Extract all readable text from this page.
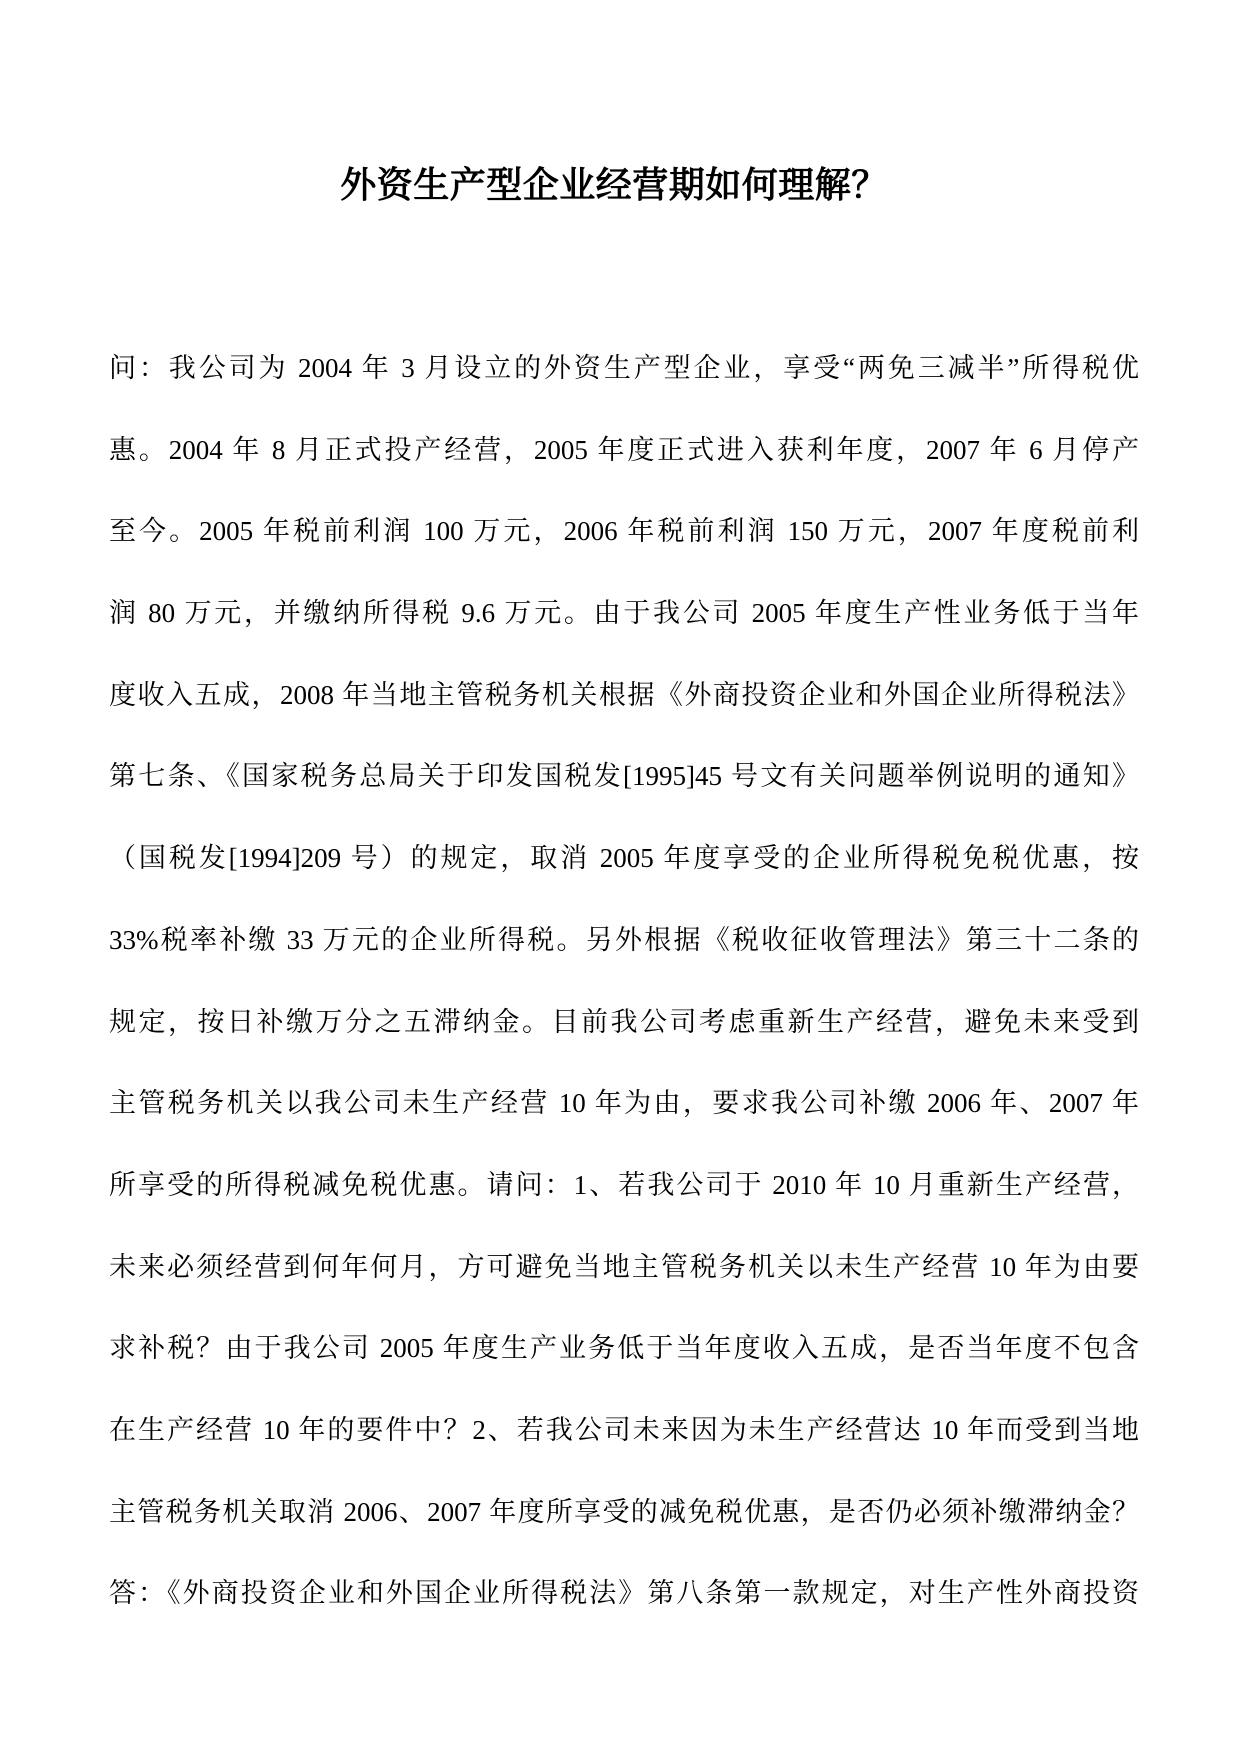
外资生产型企业经营期如何理解？
问：我公司为 2004 年 3 月设立的外资生产型企业，享受“两免三减半”所得税优
惠。2004 年 8 月正式投产经营，2005 年度正式进入获利年度，2007 年 6 月停产
至今。2005 年税前利润 100 万元，2006 年税前利润 150 万元，2007 年度税前利
润 80 万元，并缴纳所得税 9.6 万元。由于我公司 2005 年度生产性业务低于当年
度收入五成，2008 年当地主管税务机关根据《外商投资企业和外国企业所得税法》
第七条、《国家税务总局关于印发国税发[1995]45 号文有关问题举例说明的通知》
（国税发[1994]209 号）的规定，取消 2005 年度享受的企业所得税免税优惠，按
33%税率补缴 33 万元的企业所得税。另外根据《税收征收管理法》第三十二条的
规定，按日补缴万分之五滞纳金。目前我公司考虑重新生产经营，避免未来受到
主管税务机关以我公司未生产经营 10 年为由，要求我公司补缴 2006 年、2007 年
所享受的所得税减免税优惠。请问：1、若我公司于 2010 年 10 月重新生产经营，
未来必须经营到何年何月，方可避免当地主管税务机关以未生产经营 10 年为由要
求补税？由于我公司 2005 年度生产业务低于当年度收入五成，是否当年度不包含
在生产经营 10 年的要件中？2、若我公司未来因为未生产经营达 10 年而受到当地
主管税务机关取消 2006、2007 年度所享受的减免税优惠，是否仍必须补缴滞纳金？
答：《外商投资企业和外国企业所得税法》第八条第一款规定，对生产性外商投资
